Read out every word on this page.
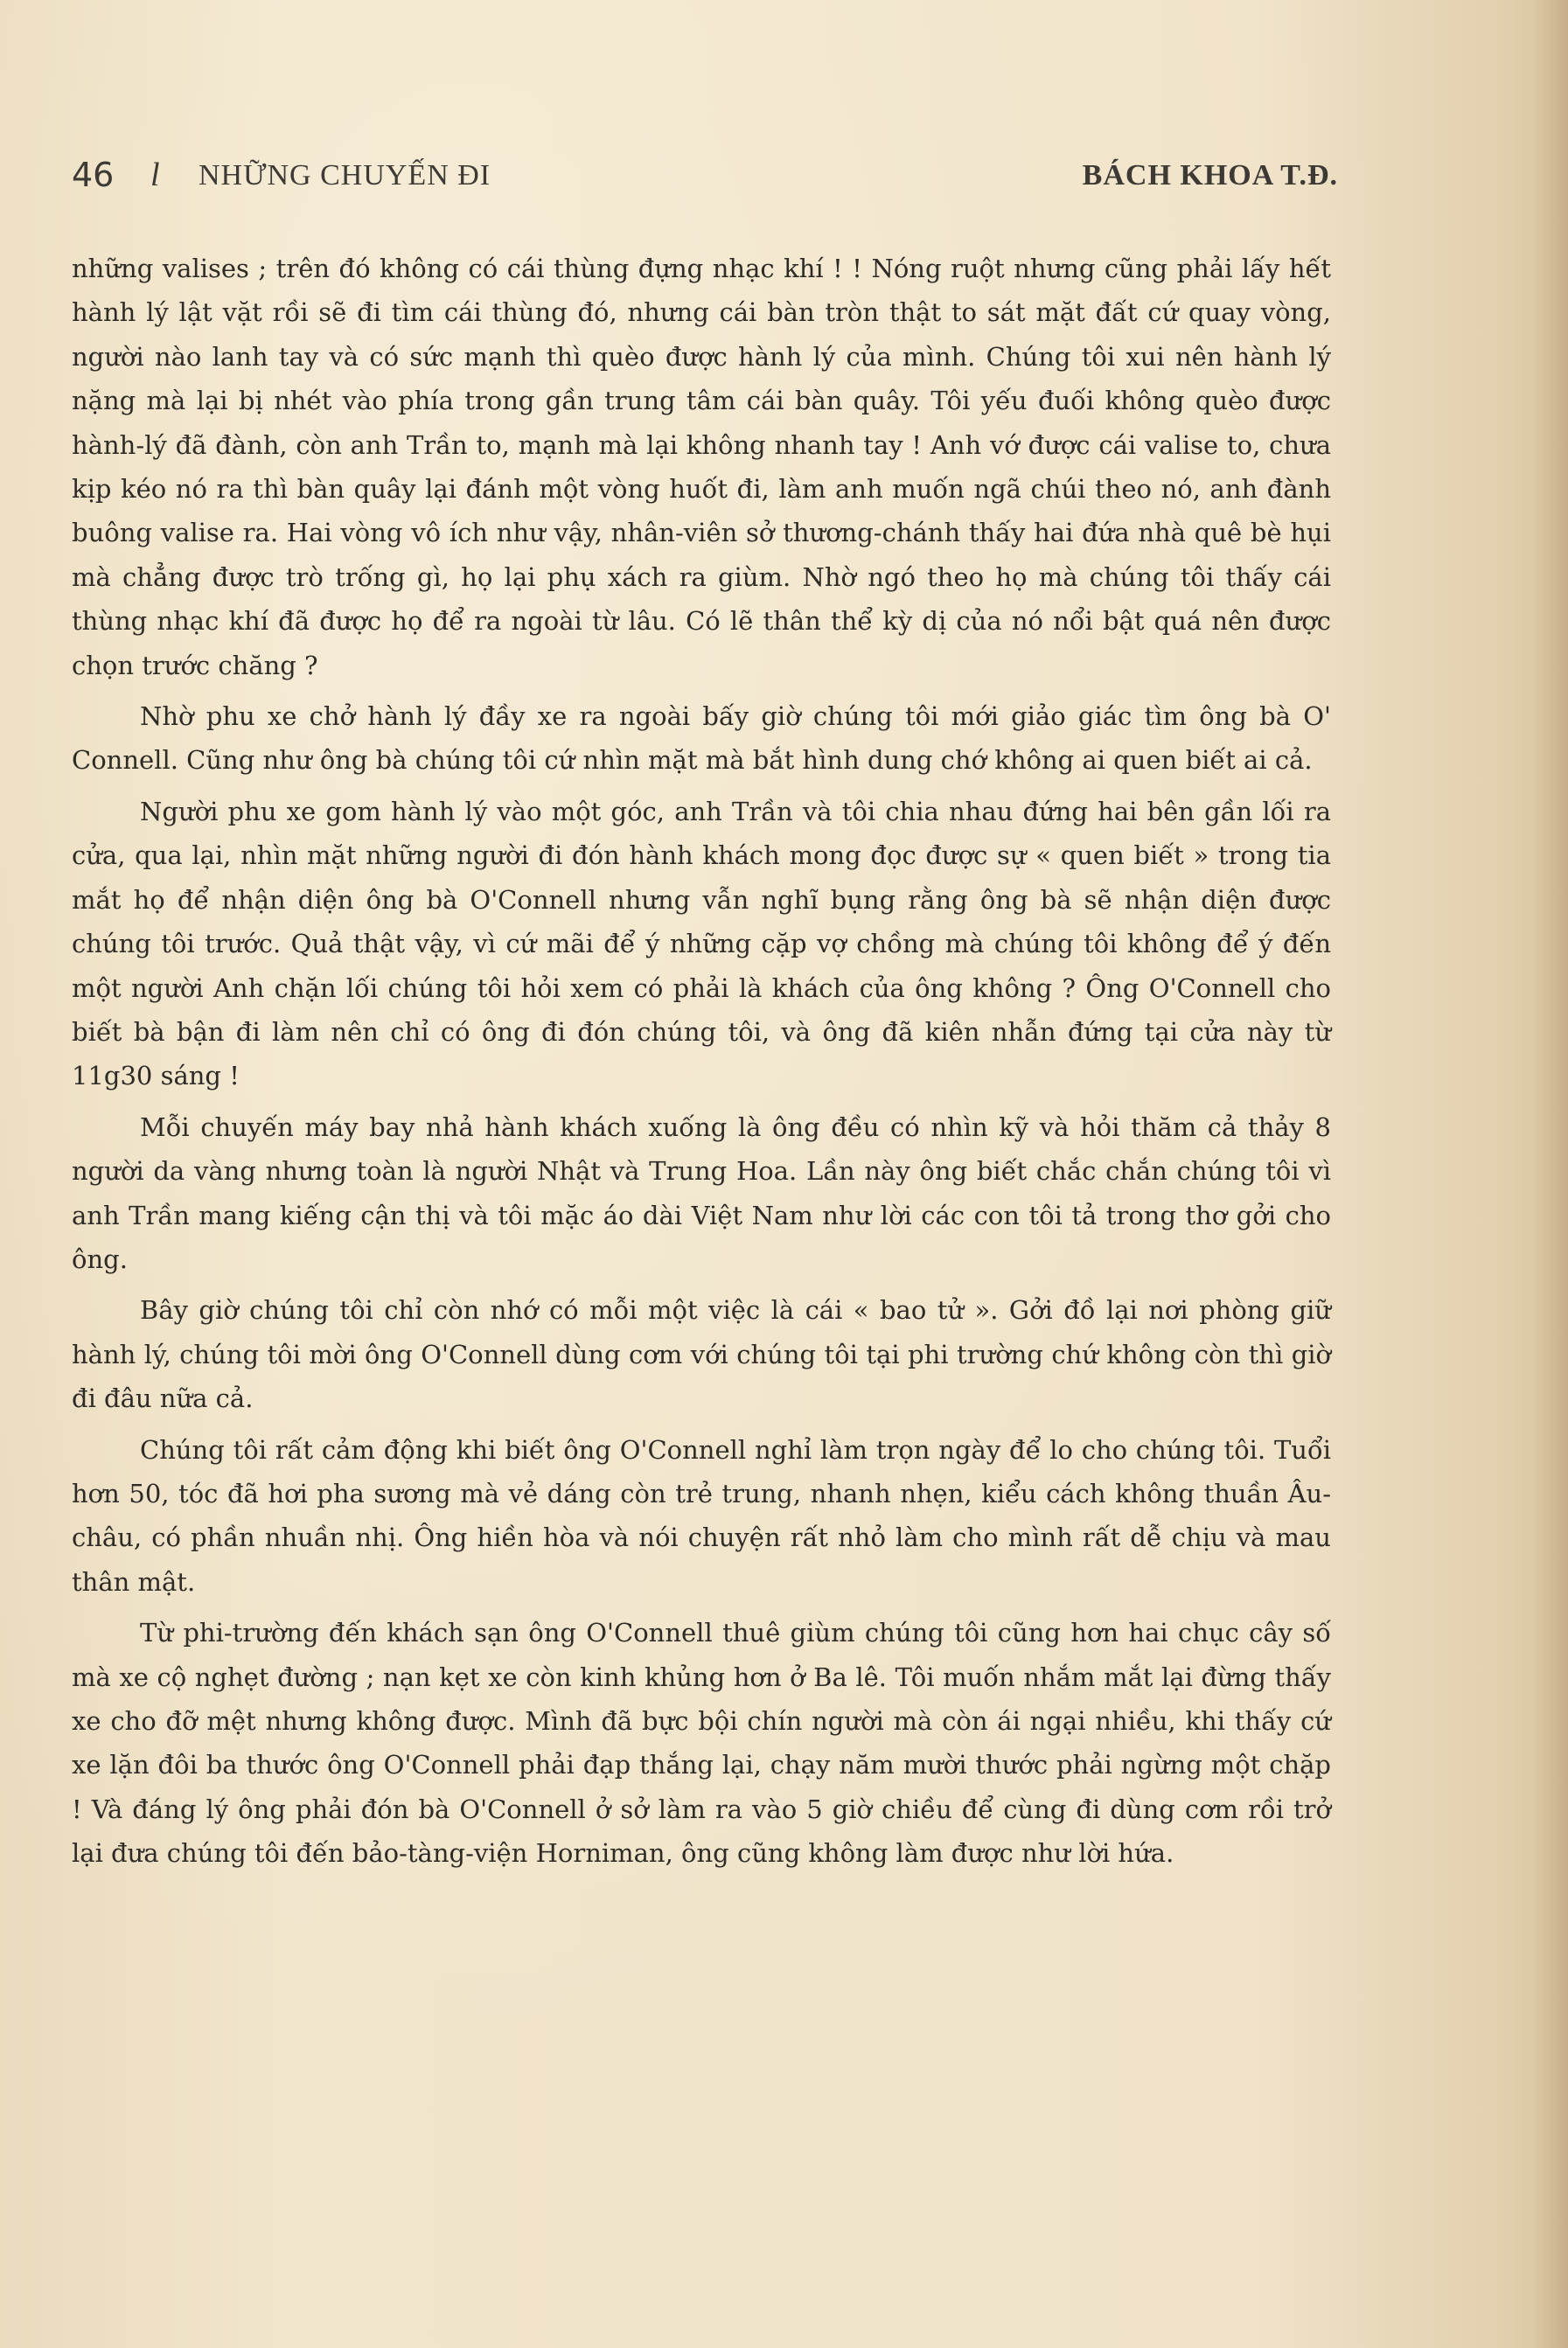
46 l NHỮNG CHUYẾN ĐI	BÁCH KHOA T.Đ.

những valises ; trên đó không có cái thùng đựng nhạc khí ! ! Nóng ruột nhưng cũng phải lấy hết hành lý lật vặt rồi sẽ đi tìm cái thùng đó, nhưng cái bàn tròn thật to sát mặt đất cứ quay vòng, người nào lanh tay và có sức mạnh thì quèo được hành lý của mình. Chúng tôi xui nên hành lý nặng mà lại bị nhét vào phía trong gần trung tâm cái bàn quây. Tôi yếu đuối không quèo được hành-lý đã đành, còn anh Trần to, mạnh mà lại không nhanh tay ! Anh vớ được cái valise to, chưa kịp kéo nó ra thì bàn quây lại đánh một vòng huốt đi, làm anh muốn ngã chúi theo nó, anh đành buông valise ra. Hai vòng vô ích như vậy, nhân-viên sở thương-chánh thấy hai đứa nhà quê bè hụi mà chẳng được trò trống gì, họ lại phụ xách ra giùm. Nhờ ngó theo họ mà chúng tôi thấy cái thùng nhạc khí đã được họ để ra ngoài từ lâu. Có lẽ thân thể kỳ dị của nó nổi bật quá nên được chọn trước chăng ?

Nhờ phu xe chở hành lý đầy xe ra ngoài bấy giờ chúng tôi mới giảo giác tìm ông bà O' Connell. Cũng như ông bà chúng tôi cứ nhìn mặt mà bắt hình dung chớ không ai quen biết ai cả.

Người phu xe gom hành lý vào một góc, anh Trần và tôi chia nhau đứng hai bên gần lối ra cửa, qua lại, nhìn mặt những người đi đón hành khách mong đọc được sự « quen biết » trong tia mắt họ để nhận diện ông bà O'Connell nhưng vẫn nghĩ bụng rằng ông bà sẽ nhận diện được chúng tôi trước. Quả thật vậy, vì cứ mãi để ý những cặp vợ chồng mà chúng tôi không để ý đến một người Anh chặn lối chúng tôi hỏi xem có phải là khách của ông không ? Ông O'Connell cho biết bà bận đi làm nên chỉ có ông đi đón chúng tôi, và ông đã kiên nhẫn đứng tại cửa này từ 11g30 sáng !

Mỗi chuyến máy bay nhả hành khách xuống là ông đều có nhìn kỹ và hỏi thăm cả thảy 8 người da vàng nhưng toàn là người Nhật và Trung Hoa. Lần này ông biết chắc chắn chúng tôi vì anh Trần mang kiếng cận thị và tôi mặc áo dài Việt Nam như lời các con tôi tả trong thơ gởi cho ông.

Bây giờ chúng tôi chỉ còn nhớ có mỗi một việc là cái « bao tử ». Gởi đồ lại nơi phòng giữ hành lý, chúng tôi mời ông O'Connell dùng cơm với chúng tôi tại phi trường chứ không còn thì giờ đi đâu nữa cả.

Chúng tôi rất cảm động khi biết ông O'Connell nghỉ làm trọn ngày để lo cho chúng tôi. Tuổi hơn 50, tóc đã hơi pha sương mà vẻ dáng còn trẻ trung, nhanh nhẹn, kiểu cách không thuần Âu-châu, có phần nhuần nhị. Ông hiền hòa và nói chuyện rất nhỏ làm cho mình rất dễ chịu và mau thân mật.

Từ phi-trường đến khách sạn ông O'Connell thuê giùm chúng tôi cũng hơn hai chục cây số mà xe cộ nghẹt đường ; nạn kẹt xe còn kinh khủng hơn ở Ba lê. Tôi muốn nhắm mắt lại đừng thấy xe cho đỡ mệt nhưng không được. Mình đã bực bội chín người mà còn ái ngại nhiều, khi thấy cứ xe lặn đôi ba thước ông O'Connell phải đạp thắng lại, chạy năm mười thước phải ngừng một chặp ! Và đáng lý ông phải đón bà O'Connell ở sở làm ra vào 5 giờ chiều để cùng đi dùng cơm rồi trở lại đưa chúng tôi đến bảo-tàng-viện Horniman, ông cũng không làm được như lời hứa.
